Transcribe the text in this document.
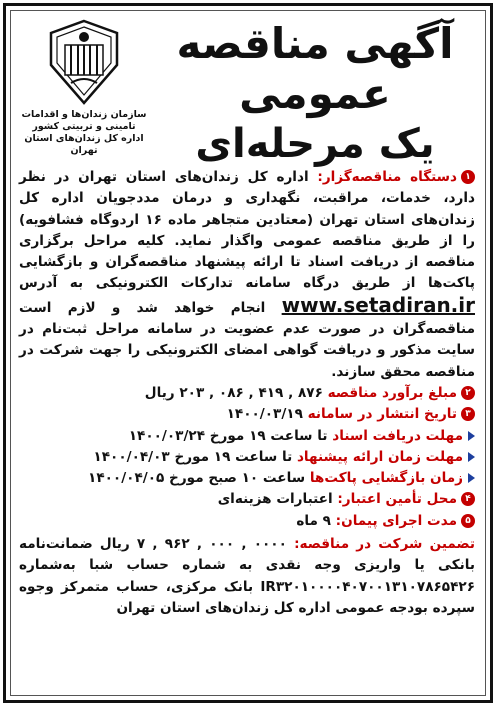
سازمان زندان‌ها و اقدامات
تامینی و تربیتی کشور
اداره کل زندان‌های استان تهران
آگهی مناقصه عمومی
یک مرحله‌ای
۱دستگاه مناقصه‌گزار: اداره کل زندان‌های استان تهران در نظر دارد، خدمات، مراقبت، نگهداری و درمان مددجویان اداره کل زندان‌های استان تهران (معتادین متجاهر ماده ۱۶ اردوگاه فشافویه) را از طریق مناقصه عمومی واگذار نماید. کلیه مراحل برگزاری مناقصه از دریافت اسناد تا ارائه پیشنهاد مناقصه‌گران و بازگشایی پاکت‌ها از طریق درگاه سامانه تدارکات الکترونیکی به آدرس www.setadiran.ir انجام خواهد شد و لازم است مناقصه‌گران در صورت عدم عضویت در سامانه مراحل ثبت‌نام در سایت مذکور و دریافت گواهی امضای الکترونیکی را جهت شرکت در مناقصه محقق سازند.
۲مبلغ برآورد مناقصه ۸۷۶ , ۴۱۹ , ۰۸۶ , ۲۰۳ ریال
۳تاریخ انتشار در سامانه ۱۴۰۰/۰۳/۱۹
مهلت دریافت اسناد تا ساعت ۱۹ مورخ ۱۴۰۰/۰۳/۲۴
مهلت زمان ارائه پیشنهاد تا ساعت ۱۹ مورخ ۱۴۰۰/۰۴/۰۳
زمان بازگشایی پاکت‌ها ساعت ۱۰ صبح مورخ ۱۴۰۰/۰۴/۰۵
۴محل تأمین اعتبار: اعتبارات هزینه‌ای
۵مدت اجرای پیمان: ۹ ماه
تضمین شرکت در مناقصه: ۰۰۰۰ , ۰۰۰ , ۹۶۲ , ۷ ریال ضمانت‌نامه بانکی یا واریزی وجه نقدی به شماره حساب شبا به‌شماره IR۳۲۰۱۰۰۰۰۴۰۷۰۰۱۳۱۰۷۸۶۵۴۲۶ بانک مرکزی، حساب متمرکز وجوه سپرده بودجه عمومی اداره کل زندان‌های استان تهران
